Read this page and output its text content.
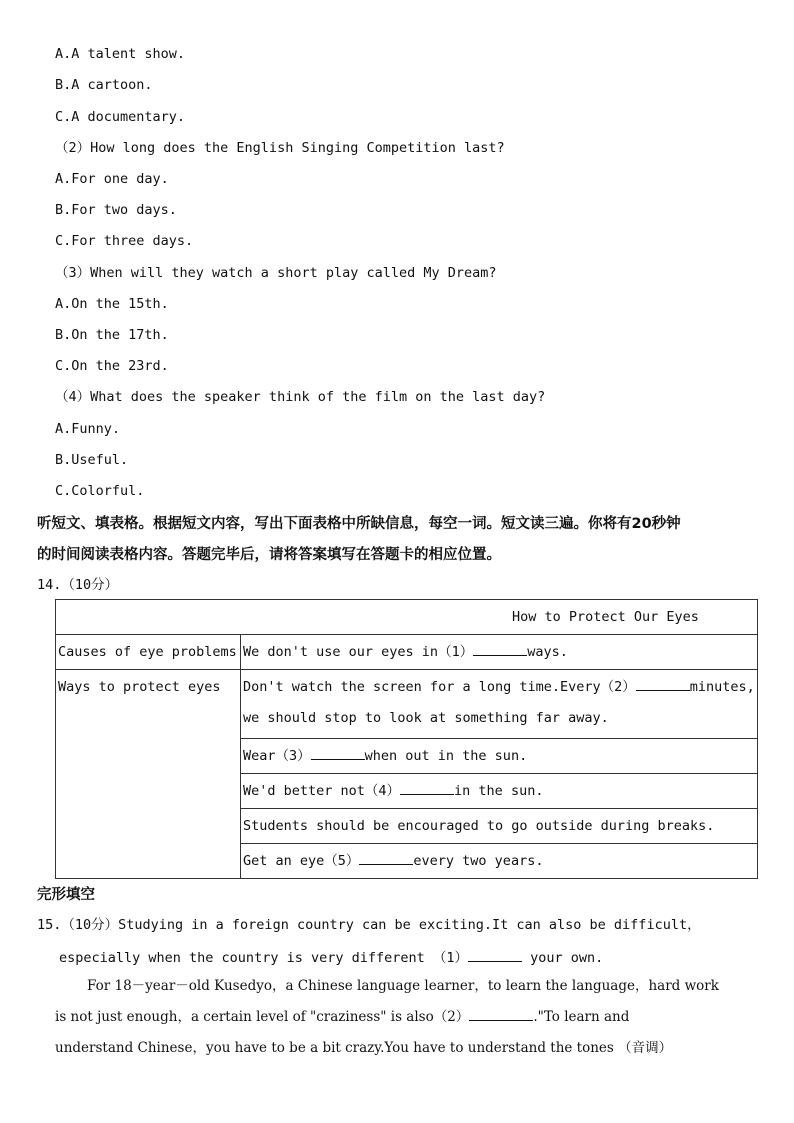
A.A talent show.
B.A cartoon.
C.A documentary.
（2）How long does the English Singing Competition last?
A.For one day.
B.For two days.
C.For three days.
（3）When will they watch a short play called My Dream?
A.On the 15th.
B.On the 17th.
C.On the 23rd.
（4）What does the speaker think of the film on the last day?
A.Funny.
B.Useful.
C.Colorful.
听短文、填表格。根据短文内容，写出下面表格中所缺信息，每空一词。短文读三遍。你将有20秒钟
的时间阅读表格内容。答题完毕后，请将答案填写在答题卡的相应位置。
14.（10分）
How to Protect Our Eyes	
Causes of eye problems	We don't use our eyes in（1） ways.
Ways to protect eyes	Don't watch the screen for a long time.Every（2） minutes,
we should stop to look at something far away.
	Wear（3） when out in the sun.
	We'd better not（4） in the sun.
	Students should be encouraged to go outside during breaks.
	Get an eye（5） every two years.
完形填空
15.（10分）Studying in a foreign country can be exciting.It can also be difficult，
especially when the country is very different （1）	your own.
For 18－year－old Kusedyo，a Chinese language learner，to learn the language，hard work
is not just enough，a certain level of "craziness" is also（2）	."To learn and
understand Chinese，you have to be a bit crazy.You have to understand the tones （音调）
